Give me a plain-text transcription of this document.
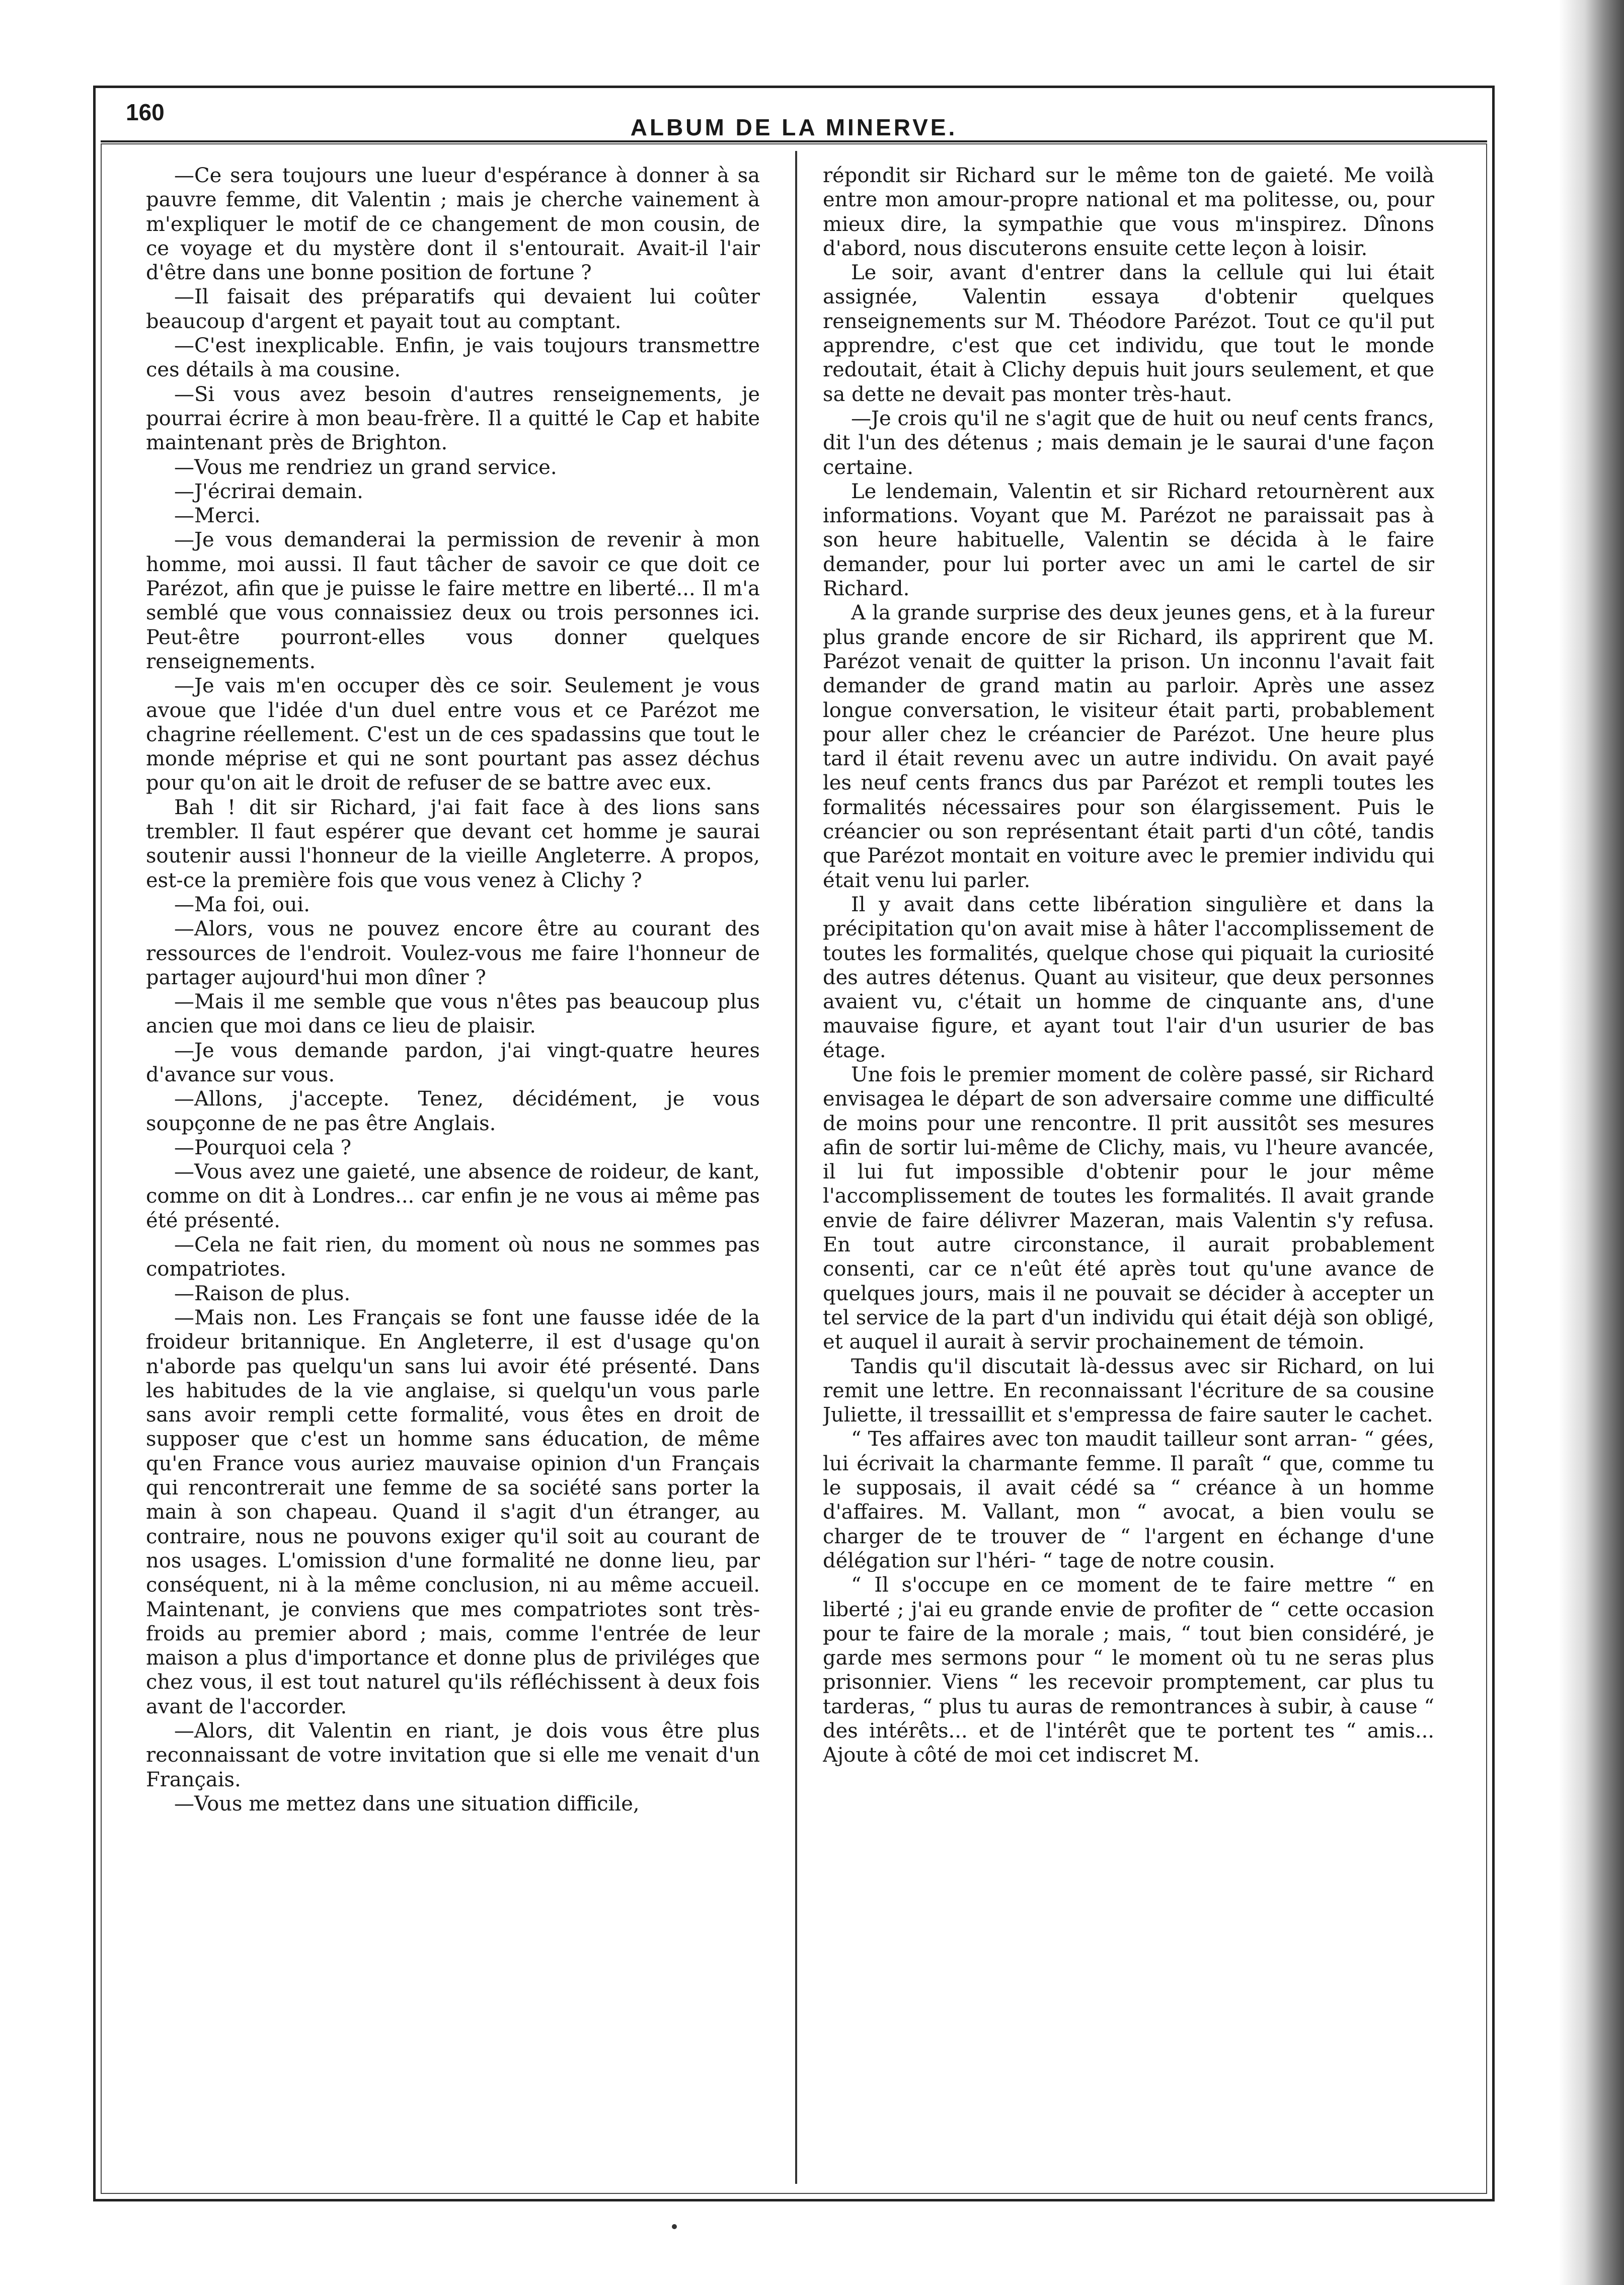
160
ALBUM DE LA MINERVE.

—Ce sera toujours une lueur d'espérance à donner à sa pauvre femme, dit Valentin ; mais je cherche vainement à m'expliquer le motif de ce changement de mon cousin, de ce voyage et du mystère dont il s'entourait. Avait-il l'air d'être dans une bonne position de fortune ?

—Il faisait des préparatifs qui devaient lui coûter beaucoup d'argent et payait tout au comptant.

—C'est inexplicable. Enfin, je vais toujours transmettre ces détails à ma cousine.

—Si vous avez besoin d'autres renseignements, je pourrai écrire à mon beau-frère. Il a quitté le Cap et habite maintenant près de Brighton.

—Vous me rendriez un grand service.

—J'écrirai demain.

—Merci.

—Je vous demanderai la permission de revenir à mon homme, moi aussi. Il faut tâcher de savoir ce que doit ce Parézot, afin que je puisse le faire mettre en liberté... Il m'a semblé que vous connaissiez deux ou trois personnes ici. Peut-être pourront-elles vous donner quelques renseignements.

—Je vais m'en occuper dès ce soir. Seulement je vous avoue que l'idée d'un duel entre vous et ce Parézot me chagrine réellement. C'est un de ces spadassins que tout le monde méprise et qui ne sont pourtant pas assez déchus pour qu'on ait le droit de refuser de se battre avec eux.

Bah ! dit sir Richard, j'ai fait face à des lions sans trembler. Il faut espérer que devant cet homme je saurai soutenir aussi l'honneur de la vieille Angleterre. A propos, est-ce la première fois que vous venez à Clichy ?

—Ma foi, oui.

—Alors, vous ne pouvez encore être au courant des ressources de l'endroit. Voulez-vous me faire l'honneur de partager aujourd'hui mon dîner ?

—Mais il me semble que vous n'êtes pas beaucoup plus ancien que moi dans ce lieu de plaisir.

—Je vous demande pardon, j'ai vingt-quatre heures d'avance sur vous.

—Allons, j'accepte. Tenez, décidément, je vous soupçonne de ne pas être Anglais.

—Pourquoi cela ?

—Vous avez une gaieté, une absence de roideur, de kant, comme on dit à Londres... car enfin je ne vous ai même pas été présenté.

—Cela ne fait rien, du moment où nous ne sommes pas compatriotes.

—Raison de plus.

—Mais non. Les Français se font une fausse idée de la froideur britannique. En Angleterre, il est d'usage qu'on n'aborde pas quelqu'un sans lui avoir été présenté. Dans les habitudes de la vie anglaise, si quelqu'un vous parle sans avoir rempli cette formalité, vous êtes en droit de supposer que c'est un homme sans éducation, de même qu'en France vous auriez mauvaise opinion d'un Français qui rencontrerait une femme de sa société sans porter la main à son chapeau. Quand il s'agit d'un étranger, au contraire, nous ne pouvons exiger qu'il soit au courant de nos usages. L'omission d'une formalité ne donne lieu, par conséquent, ni à la même conclusion, ni au même accueil. Maintenant, je conviens que mes compatriotes sont très-froids au premier abord ; mais, comme l'entrée de leur maison a plus d'importance et donne plus de priviléges que chez vous, il est tout naturel qu'ils réfléchissent à deux fois avant de l'accorder.

—Alors, dit Valentin en riant, je dois vous être plus reconnaissant de votre invitation que si elle me venait d'un Français.

—Vous me mettez dans une situation difficile,

répondit sir Richard sur le même ton de gaieté. Me voilà entre mon amour-propre national et ma politesse, ou, pour mieux dire, la sympathie que vous m'inspirez. Dînons d'abord, nous discuterons ensuite cette leçon à loisir.

Le soir, avant d'entrer dans la cellule qui lui était assignée, Valentin essaya d'obtenir quelques renseignements sur M. Théodore Parézot. Tout ce qu'il put apprendre, c'est que cet individu, que tout le monde redoutait, était à Clichy depuis huit jours seulement, et que sa dette ne devait pas monter très-haut.

—Je crois qu'il ne s'agit que de huit ou neuf cents francs, dit l'un des détenus ; mais demain je le saurai d'une façon certaine.

Le lendemain, Valentin et sir Richard retournèrent aux informations. Voyant que M. Parézot ne paraissait pas à son heure habituelle, Valentin se décida à le faire demander, pour lui porter avec un ami le cartel de sir Richard.

A la grande surprise des deux jeunes gens, et à la fureur plus grande encore de sir Richard, ils apprirent que M. Parézot venait de quitter la prison. Un inconnu l'avait fait demander de grand matin au parloir. Après une assez longue conversation, le visiteur était parti, probablement pour aller chez le créancier de Parézot. Une heure plus tard il était revenu avec un autre individu. On avait payé les neuf cents francs dus par Parézot et rempli toutes les formalités nécessaires pour son élargissement. Puis le créancier ou son représentant était parti d'un côté, tandis que Parézot montait en voiture avec le premier individu qui était venu lui parler.

Il y avait dans cette libération singulière et dans la précipitation qu'on avait mise à hâter l'accomplissement de toutes les formalités, quelque chose qui piquait la curiosité des autres détenus. Quant au visiteur, que deux personnes avaient vu, c'était un homme de cinquante ans, d'une mauvaise figure, et ayant tout l'air d'un usurier de bas étage.

Une fois le premier moment de colère passé, sir Richard envisagea le départ de son adversaire comme une difficulté de moins pour une rencontre. Il prit aussitôt ses mesures afin de sortir lui-même de Clichy, mais, vu l'heure avancée, il lui fut impossible d'obtenir pour le jour même l'accomplissement de toutes les formalités. Il avait grande envie de faire délivrer Mazeran, mais Valentin s'y refusa. En tout autre circonstance, il aurait probablement consenti, car ce n'eût été après tout qu'une avance de quelques jours, mais il ne pouvait se décider à accepter un tel service de la part d'un individu qui était déjà son obligé, et auquel il aurait à servir prochainement de témoin.

Tandis qu'il discutait là-dessus avec sir Richard, on lui remit une lettre. En reconnaissant l'écriture de sa cousine Juliette, il tressaillit et s'empressa de faire sauter le cachet.

“ Tes affaires avec ton maudit tailleur sont arran- “ gées, lui écrivait la charmante femme. Il paraît “ que, comme tu le supposais, il avait cédé sa “ créance à un homme d'affaires. M. Vallant, mon “ avocat, a bien voulu se charger de te trouver de “ l'argent en échange d'une délégation sur l'héri- “ tage de notre cousin.

“ Il s'occupe en ce moment de te faire mettre “ en liberté ; j'ai eu grande envie de profiter de “ cette occasion pour te faire de la morale ; mais, “ tout bien considéré, je garde mes sermons pour “ le moment où tu ne seras plus prisonnier. Viens “ les recevoir promptement, car plus tu tarderas, “ plus tu auras de remontrances à subir, à cause “ des intérêts... et de l'intérêt que te portent tes “ amis... Ajoute à côté de moi cet indiscret M.
